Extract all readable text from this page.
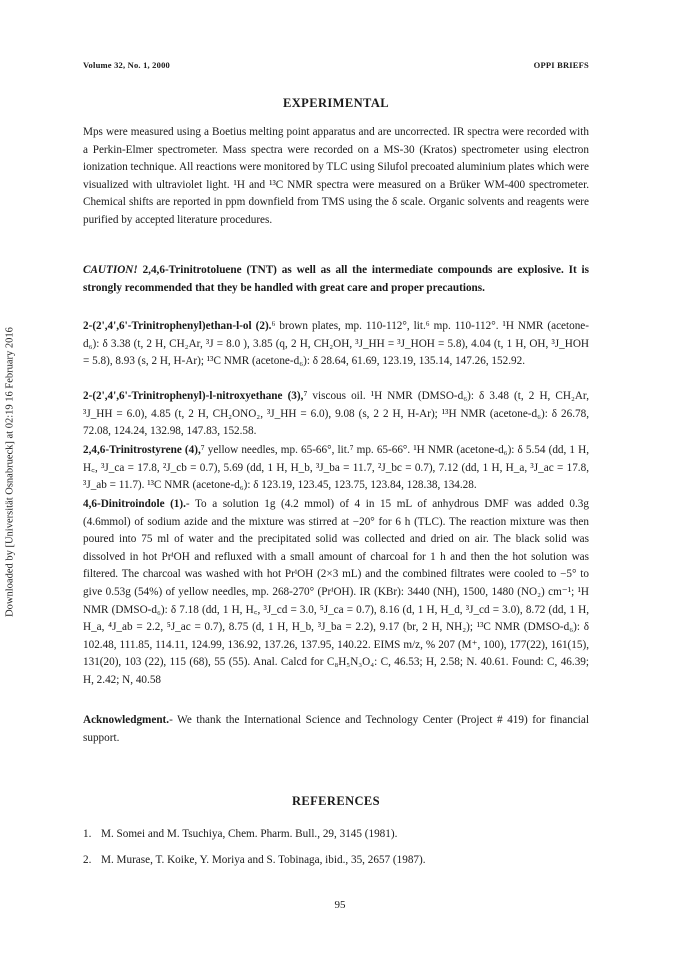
Downloaded by [Universität Osnabrueck] at 02:19 16 February 2016
Volume 32, No. 1, 2000	OPPI BRIEFS
EXPERIMENTAL
Mps were measured using a Boetius melting point apparatus and are uncorrected. IR spectra were recorded with a Perkin-Elmer spectrometer. Mass spectra were recorded on a MS-30 (Kratos) spectrometer using electron ionization technique. All reactions were monitored by TLC using Silufol precoated aluminium plates which were visualized with ultraviolet light. ¹H and ¹³C NMR spectra were measured on a Brüker WM-400 spectrometer. Chemical shifts are reported in ppm downfield from TMS using the δ scale. Organic solvents and reagents were purified by accepted literature procedures.
CAUTION! 2,4,6-Trinitrotoluene (TNT) as well as all the intermediate compounds are explosive. It is strongly recommended that they be handled with great care and proper precautions.
2-(2',4',6'-Trinitrophenyl)ethan-l-ol (2).⁶ brown plates, mp. 110-112°, lit.⁶ mp. 110-112°. ¹H NMR (acetone-d₆): δ 3.38 (t, 2 H, CH₂Ar, ³J = 8.0 ), 3.85 (q, 2 H, CH₂OH, ³J_HH = ³J_HOH = 5.8), 4.04 (t, 1 H, OH, ³J_HOH = 5.8), 8.93 (s, 2 H, H-Ar); ¹³C NMR (acetone-d₆): δ 28.64, 61.69, 123.19, 135.14, 147.26, 152.92.
2-(2',4',6'-Trinitrophenyl)-l-nitroxyethane (3),⁷ viscous oil. ¹H NMR (DMSO-d₆): δ 3.48 (t, 2 H, CH₂Ar, ³J_HH = 6.0), 4.85 (t, 2 H, CH₂ONO₂, ³J_HH = 6.0), 9.08 (s, 2 2 H, H-Ar); ¹³H NMR (acetone-d₆): δ 26.78, 72.08, 124.24, 132.98, 147.83, 152.58.
2,4,6-Trinitrostyrene (4),⁷ yellow needles, mp. 65-66°, lit.⁷ mp. 65-66°. ¹H NMR (acetone-d₆): δ 5.54 (dd, 1 H, H꜀, ³J_ca = 17.8, ²J_cb = 0.7), 5.69 (dd, 1 H, H_b, ³J_ba = 11.7, ²J_bc = 0.7), 7.12 (dd, 1 H, H_a, ³J_ac = 17.8, ³J_ab = 11.7). ¹³C NMR (acetone-d₆): δ 123.19, 123.45, 123.75, 123.84, 128.38, 134.28.
4,6-Dinitroindole (1).- To a solution 1g (4.2 mmol) of 4 in 15 mL of anhydrous DMF was added 0.3g (4.6mmol) of sodium azide and the mixture was stirred at −20° for 6 h (TLC). The reaction mixture was then poured into 75 ml of water and the precipitated solid was collected and dried on air. The black solid was dissolved in hot PrⁱOH and refluxed with a small amount of charcoal for 1 h and then the hot solution was filtered. The charcoal was washed with hot PrⁱOH (2×3 mL) and the combined filtrates were cooled to −5° to give 0.53g (54%) of yellow needles, mp. 268-270° (PrⁱOH). IR (KBr): 3440 (NH), 1500, 1480 (NO₂) cm⁻¹; ¹H NMR (DMSO-d₆): δ 7.18 (dd, 1 H, H꜀, ³J_cd = 3.0, ⁵J_ca = 0.7), 8.16 (d, 1 H, H_d, ³J_cd = 3.0), 8.72 (dd, 1 H, H_a, ⁴J_ab = 2.2, ⁵J_ac = 0.7), 8.75 (d, 1 H, H_b, ³J_ba = 2.2), 9.17 (br, 2 H, NH₂); ¹³C NMR (DMSO-d₆): δ 102.48, 111.85, 114.11, 124.99, 136.92, 137.26, 137.95, 140.22. EIMS m/z, % 207 (M⁺, 100), 177(22), 161(15), 131(20), 103 (22), 115 (68), 55 (55). Anal. Calcd for C₈H₅N₃O₄: C, 46.53; H, 2.58; N. 40.61. Found: C, 46.39; H, 2.42; N, 40.58
Acknowledgment.- We thank the International Science and Technology Center (Project # 419) for financial support.
REFERENCES
1. M. Somei and M. Tsuchiya, Chem. Pharm. Bull., 29, 3145 (1981).
2. M. Murase, T. Koike, Y. Moriya and S. Tobinaga, ibid., 35, 2657 (1987).
95
